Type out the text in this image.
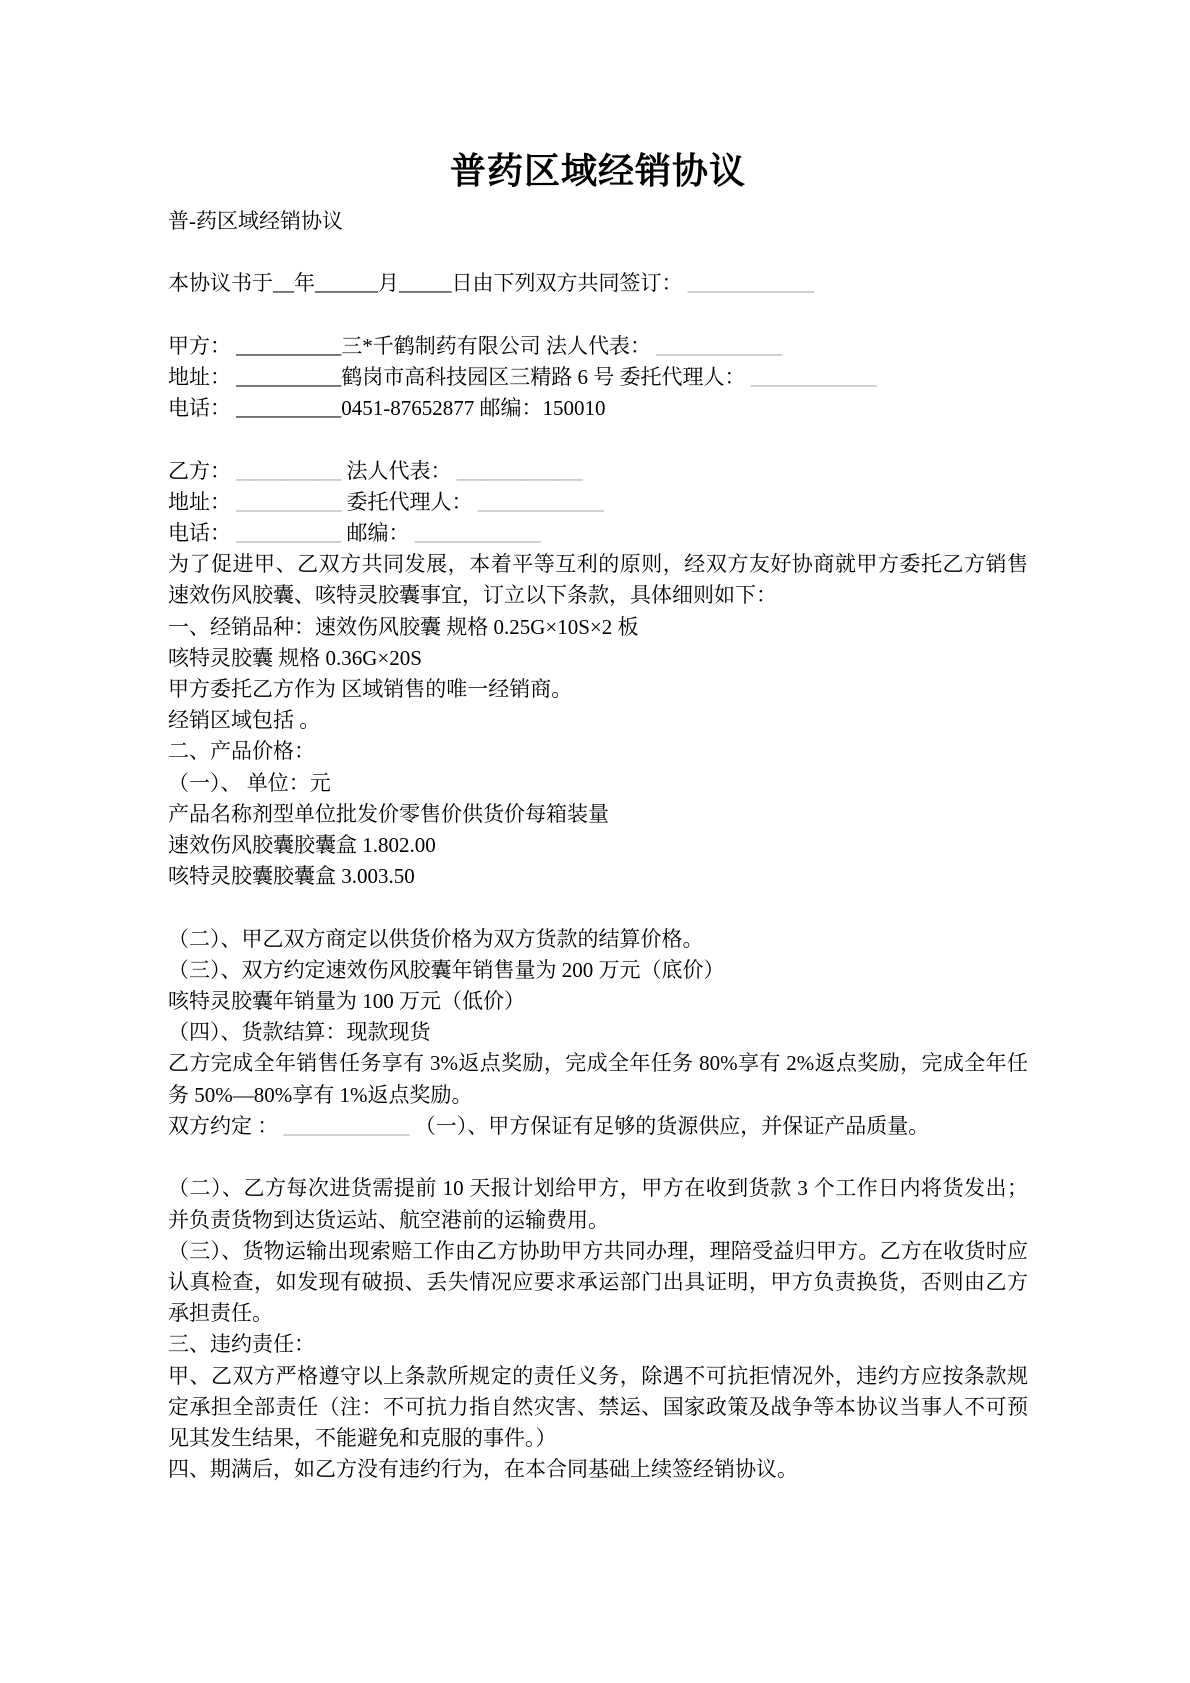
普药区域经销协议

普-药区域经销协议

本协议书于__年______月_____日由下列双方共同签订： ____________

甲方： __________三*千鹤制药有限公司 法人代表： ____________

地址： __________鹤岗市高科技园区三精路 6 号 委托代理人： ____________

电话： __________0451-87652877 邮编：150010

乙方： __________ 法人代表： ____________

地址： __________ 委托代理人： ____________

电话： __________ 邮编： ____________

为了促进甲、乙双方共同发展，本着平等互利的原则，经双方友好协商就甲方委托乙方销售速效伤风胶囊、咳特灵胶囊事宜，订立以下条款，具体细则如下：

一、经销品种：速效伤风胶囊 规格 0.25G×10S×2 板

咳特灵胶囊 规格 0.36G×20S

甲方委托乙方作为 区域销售的唯一经销商。

经销区域包括 。

二、产品价格：

（一）、 单位：元

产品名称剂型单位批发价零售价供货价每箱装量

速效伤风胶囊胶囊盒 1.802.00

咳特灵胶囊胶囊盒 3.003.50

（二）、甲乙双方商定以供货价格为双方货款的结算价格。

（三）、双方约定速效伤风胶囊年销售量为 200 万元（底价）

咳特灵胶囊年销量为 100 万元（低价）

（四）、货款结算：现款现货

乙方完成全年销售任务享有 3%返点奖励，完成全年任务 80%享有 2%返点奖励，完成全年任务 50%—80%享有 1%返点奖励。

双方约定 ： ____________ （一）、甲方保证有足够的货源供应，并保证产品质量。

（二）、乙方每次进货需提前 10 天报计划给甲方，甲方在收到货款 3 个工作日内将货发出；并负责货物到达货运站、航空港前的运输费用。

（三）、货物运输出现索赔工作由乙方协助甲方共同办理，理陪受益归甲方。乙方在收货时应认真检查，如发现有破损、丢失情况应要求承运部门出具证明，甲方负责换货，否则由乙方承担责任。

三、违约责任：

甲、乙双方严格遵守以上条款所规定的责任义务，除遇不可抗拒情况外，违约方应按条款规定承担全部责任（注：不可抗力指自然灾害、禁运、国家政策及战争等本协议当事人不可预见其发生结果，不能避免和克服的事件。）

四、期满后，如乙方没有违约行为，在本合同基础上续签经销协议。
